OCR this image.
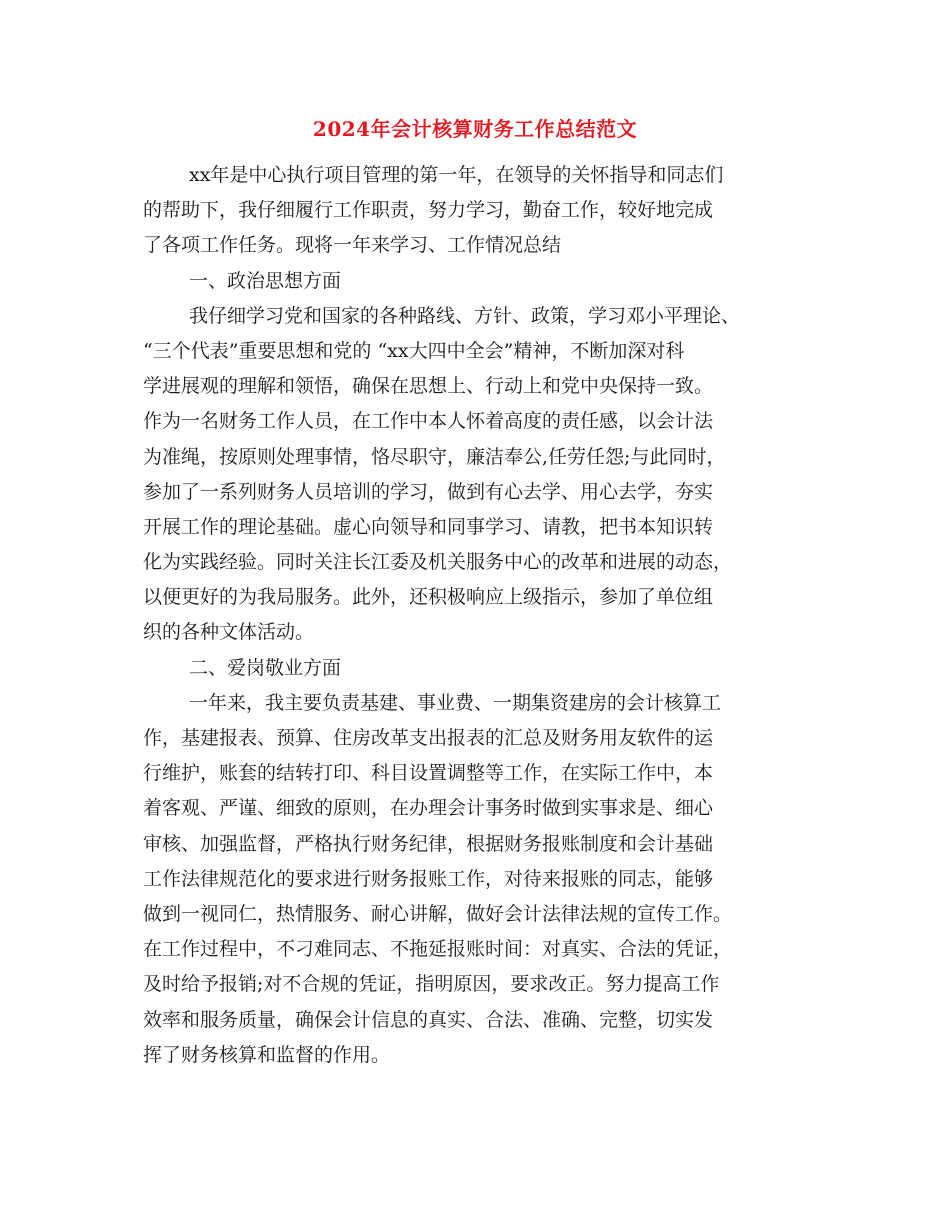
2024年会计核算财务工作总结范文
xx年是中心执行项目管理的第一年，在领导的关怀指导和同志们
的帮助下，我仔细履行工作职责，努力学习，勤奋工作，较好地完成
了各项工作任务。现将一年来学习、工作情况总结
一、政治思想方面
我仔细学习党和国家的各种路线、方针、政策，学习邓小平理论、
“三个代表”重要思想和党的 “xx大四中全会”精神，不断加深对科
学进展观的理解和领悟，确保在思想上、行动上和党中央保持一致。
作为一名财务工作人员，在工作中本人怀着高度的责任感，以会计法
为准绳，按原则处理事情，恪尽职守，廉洁奉公,任劳任怨;与此同时，
参加了一系列财务人员培训的学习，做到有心去学、用心去学，夯实
开展工作的理论基础。虚心向领导和同事学习、请教，把书本知识转
化为实践经验。同时关注长江委及机关服务中心的改革和进展的动态，
以便更好的为我局服务。此外，还积极响应上级指示，参加了单位组
织的各种文体活动。
二、爱岗敬业方面
一年来，我主要负责基建、事业费、一期集资建房的会计核算工
作，基建报表、预算、住房改革支出报表的汇总及财务用友软件的运
行维护，账套的结转打印、科目设置调整等工作，在实际工作中，本
着客观、严谨、细致的原则，在办理会计事务时做到实事求是、细心
审核、加强监督，严格执行财务纪律，根据财务报账制度和会计基础
工作法律规范化的要求进行财务报账工作，对待来报账的同志，能够
做到一视同仁，热情服务、耐心讲解，做好会计法律法规的宣传工作。
在工作过程中，不刁难同志、不拖延报账时间：对真实、合法的凭证，
及时给予报销;对不合规的凭证，指明原因，要求改正。努力提高工作
效率和服务质量，确保会计信息的真实、合法、准确、完整，切实发
挥了财务核算和监督的作用。
